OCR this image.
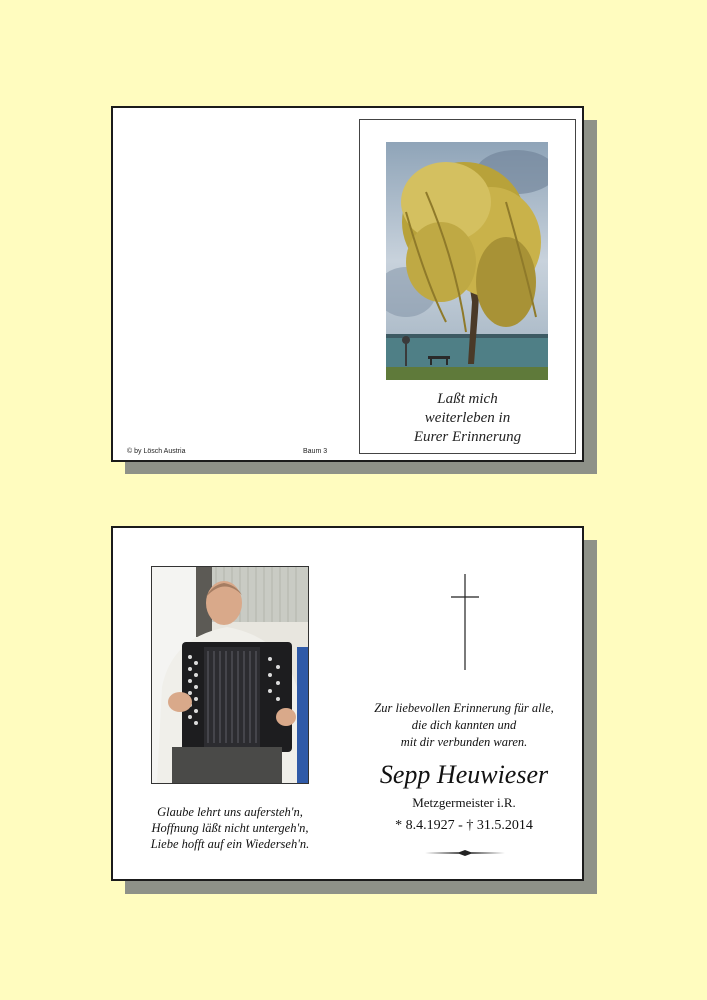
© by Lösch Austria	Baum 3
Laßt mich
weiterleben in
Eurer Erinnerung
Glaube lehrt uns aufersteh'n,
Hoffnung läßt nicht untergeh'n,
Liebe hofft auf ein Wiederseh'n.
Zur liebevollen Erinnerung für alle,
die dich kannten und
mit dir verbunden waren.
Sepp Heuwieser
Metzgermeister i.R.
* 8.4.1927 - † 31.5.2014
